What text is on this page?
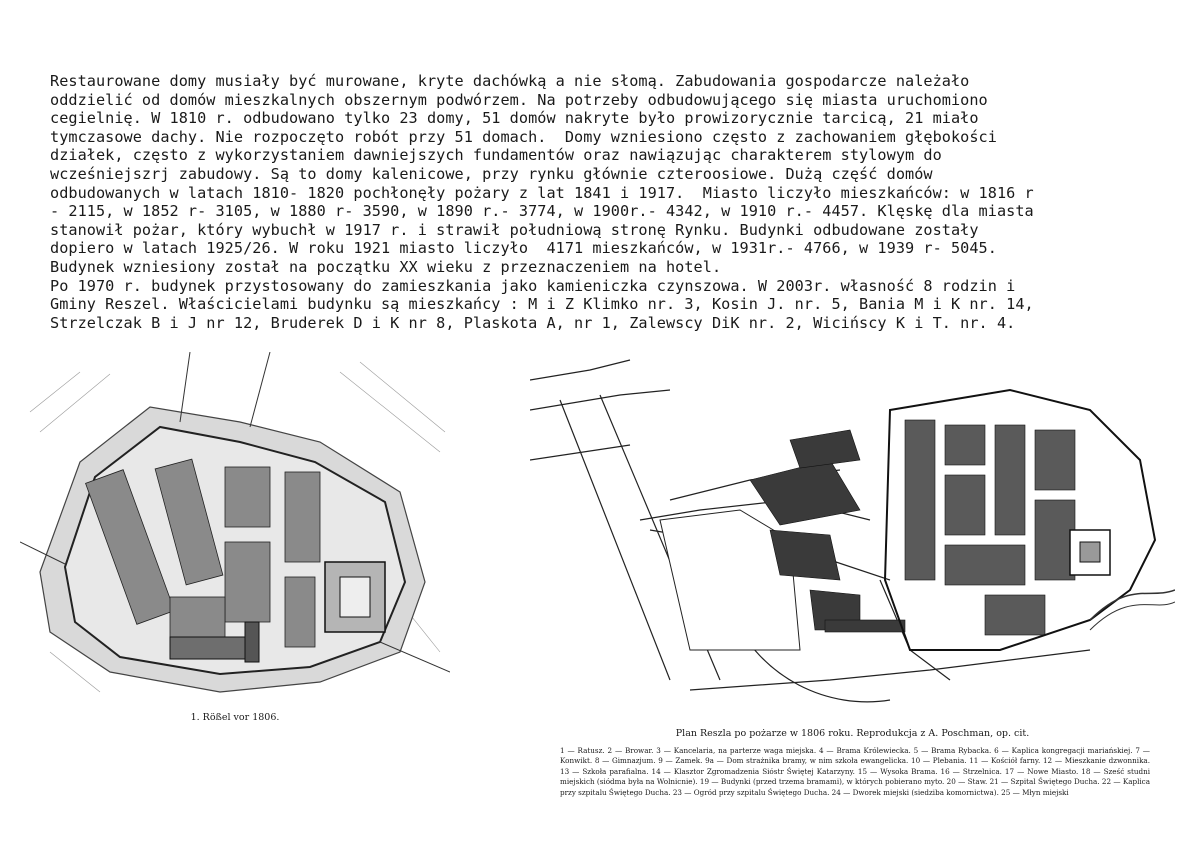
Restaurowane domy musiały być murowane, kryte dachówką a nie słomą. Zabudowania gospodarcze należało

oddzielić od domów mieszkalnych obszernym podwórzem. Na potrzeby odbudowującego się miasta uruchomiono

cegielnię. W 1810 r. odbudowano tylko 23 domy, 51 domów nakryte było prowizorycznie tarcicą, 21 miało

tymczasowe dachy. Nie rozpoczęto robót przy 51 domach.  Domy wzniesiono często z zachowaniem głębokości

działek, często z wykorzystaniem dawniejszych fundamentów oraz nawiązując charakterem stylowym do

wcześniejszrj zabudowy. Są to domy kalenicowe, przy rynku głównie czteroosiowe. Dużą część domów

odbudowanych w latach 1810- 1820 pochłonęły pożary z lat 1841 i 1917.  Miasto liczyło mieszkańców: w 1816 r

- 2115, w 1852 r- 3105, w 1880 r- 3590, w 1890 r.- 3774, w 1900r.- 4342, w 1910 r.- 4457. Klęskę dla miasta

stanowił pożar, który wybuchł w 1917 r. i strawił południową stronę Rynku. Budynki odbudowane zostały

dopiero w latach 1925/26. W roku 1921 miasto liczyło  4171 mieszkańców, w 1931r.- 4766, w 1939 r- 5045.

Budynek wzniesiony został na początku XX wieku z przeznaczeniem na hotel.

Po 1970 r. budynek przystosowany do zamieszkania jako kamieniczka czynszowa. W 2003r. własność 8 rodzin i

Gminy Reszel. Właścicielami budynku są mieszkańcy : M i Z Klimko nr. 3, Kosin J. nr. 5, Bania M i K nr. 14,

Strzelczak B i J nr 12, Bruderek D i K nr 8, Plaskota A, nr 1, Zalewscy DiK nr. 2, Wicińscy K i T. nr. 4.

1. Rößel vor 1806.
Plan Reszla po pożarze w 1806 roku. Reprodukcja z A. Poschman, op. cit.
1 — Ratusz. 2 — Browar. 3 — Kancelaria, na parterze waga miejska. 4 — Brama Królewiecka. 5 — Brama Rybacka. 6 — Kaplica kongregacji mariańskiej. 7 — Konwikt. 8 — Gimnazjum. 9 — Zamek. 9a — Dom strażnika bramy, w nim szkoła ewangelicka. 10 — Plebania. 11 — Kościół farny. 12 — Mieszkanie dzwonnika. 13 — Szkoła parafialna. 14 — Klasztor Zgromadzenia Sióstr Świętej Katarzyny. 15 — Wysoka Brama. 16 — Strzelnica. 17 — Nowe Miasto. 18 — Sześć studni miejskich (siódma była na Wolnicnie). 19 — Budynki (przed trzema bramami), w których pobierano myto. 20 — Staw. 21 — Szpital Świętego Ducha. 22 — Kaplica przy szpitalu Świętego Ducha. 23 — Ogród przy szpitalu Świętego Ducha. 24 — Dworek miejski (siedziba komornictwa). 25 — Młyn miejski
